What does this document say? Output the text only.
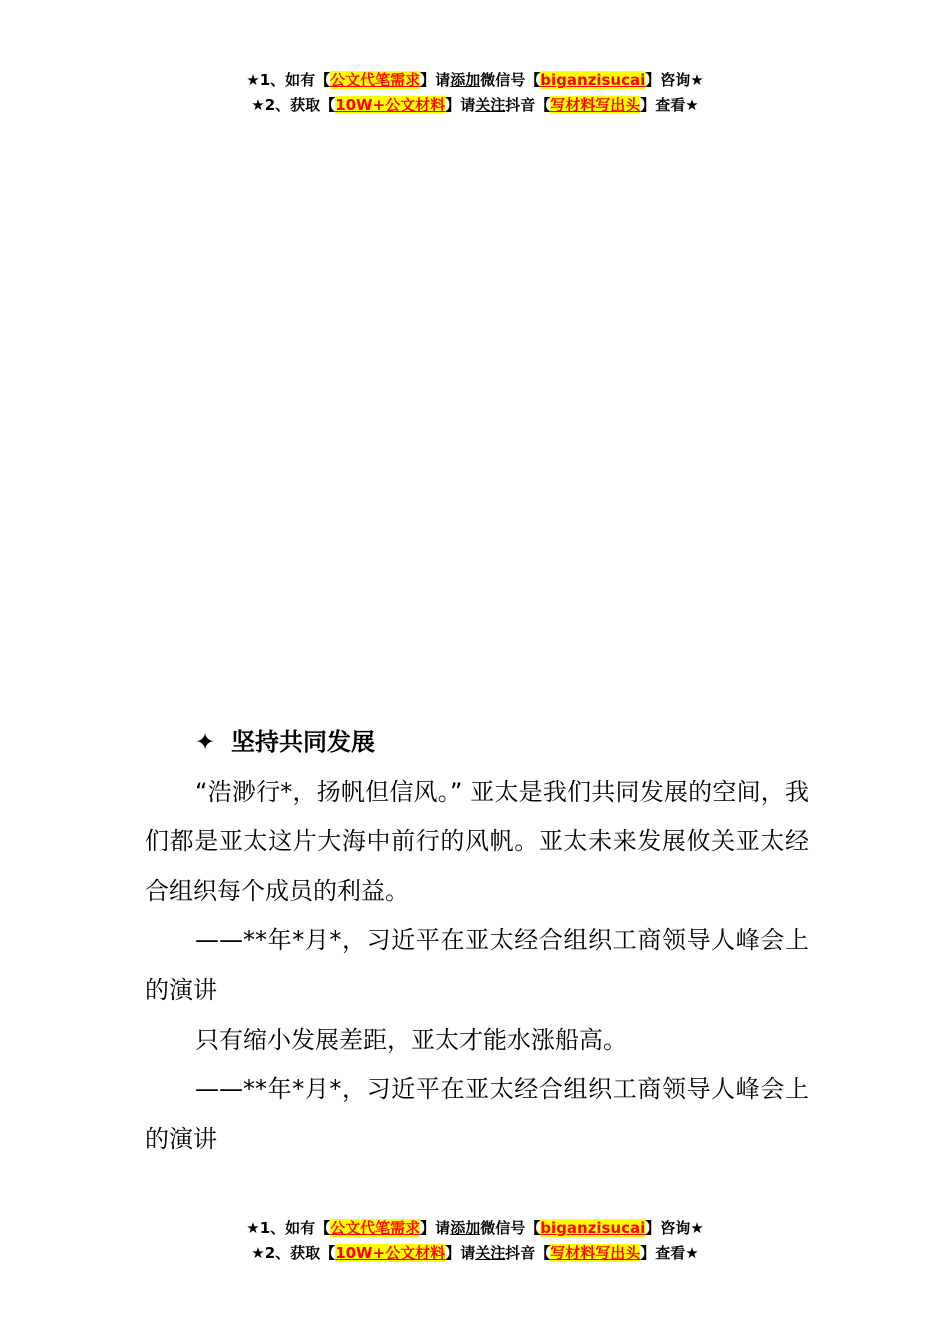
★1、如有【公文代笔需求】请添加微信号【biganzisucai】咨询★
★2、获取【10W+公文材料】请关注抖音【写材料写出头】查看★
✦ 坚持共同发展
“浩渺行*，扬帆但信风。” 亚太是我们共同发展的空间，我们都是亚太这片大海中前行的风帆。亚太未来发展攸关亚太经合组织每个成员的利益。
——**年*月*，习近平在亚太经合组织工商领导人峰会上的演讲
只有缩小发展差距，亚太才能水涨船高。
——**年*月*，习近平在亚太经合组织工商领导人峰会上的演讲
★1、如有【公文代笔需求】请添加微信号【biganzisucai】咨询★
★2、获取【10W+公文材料】请关注抖音【写材料写出头】查看★
